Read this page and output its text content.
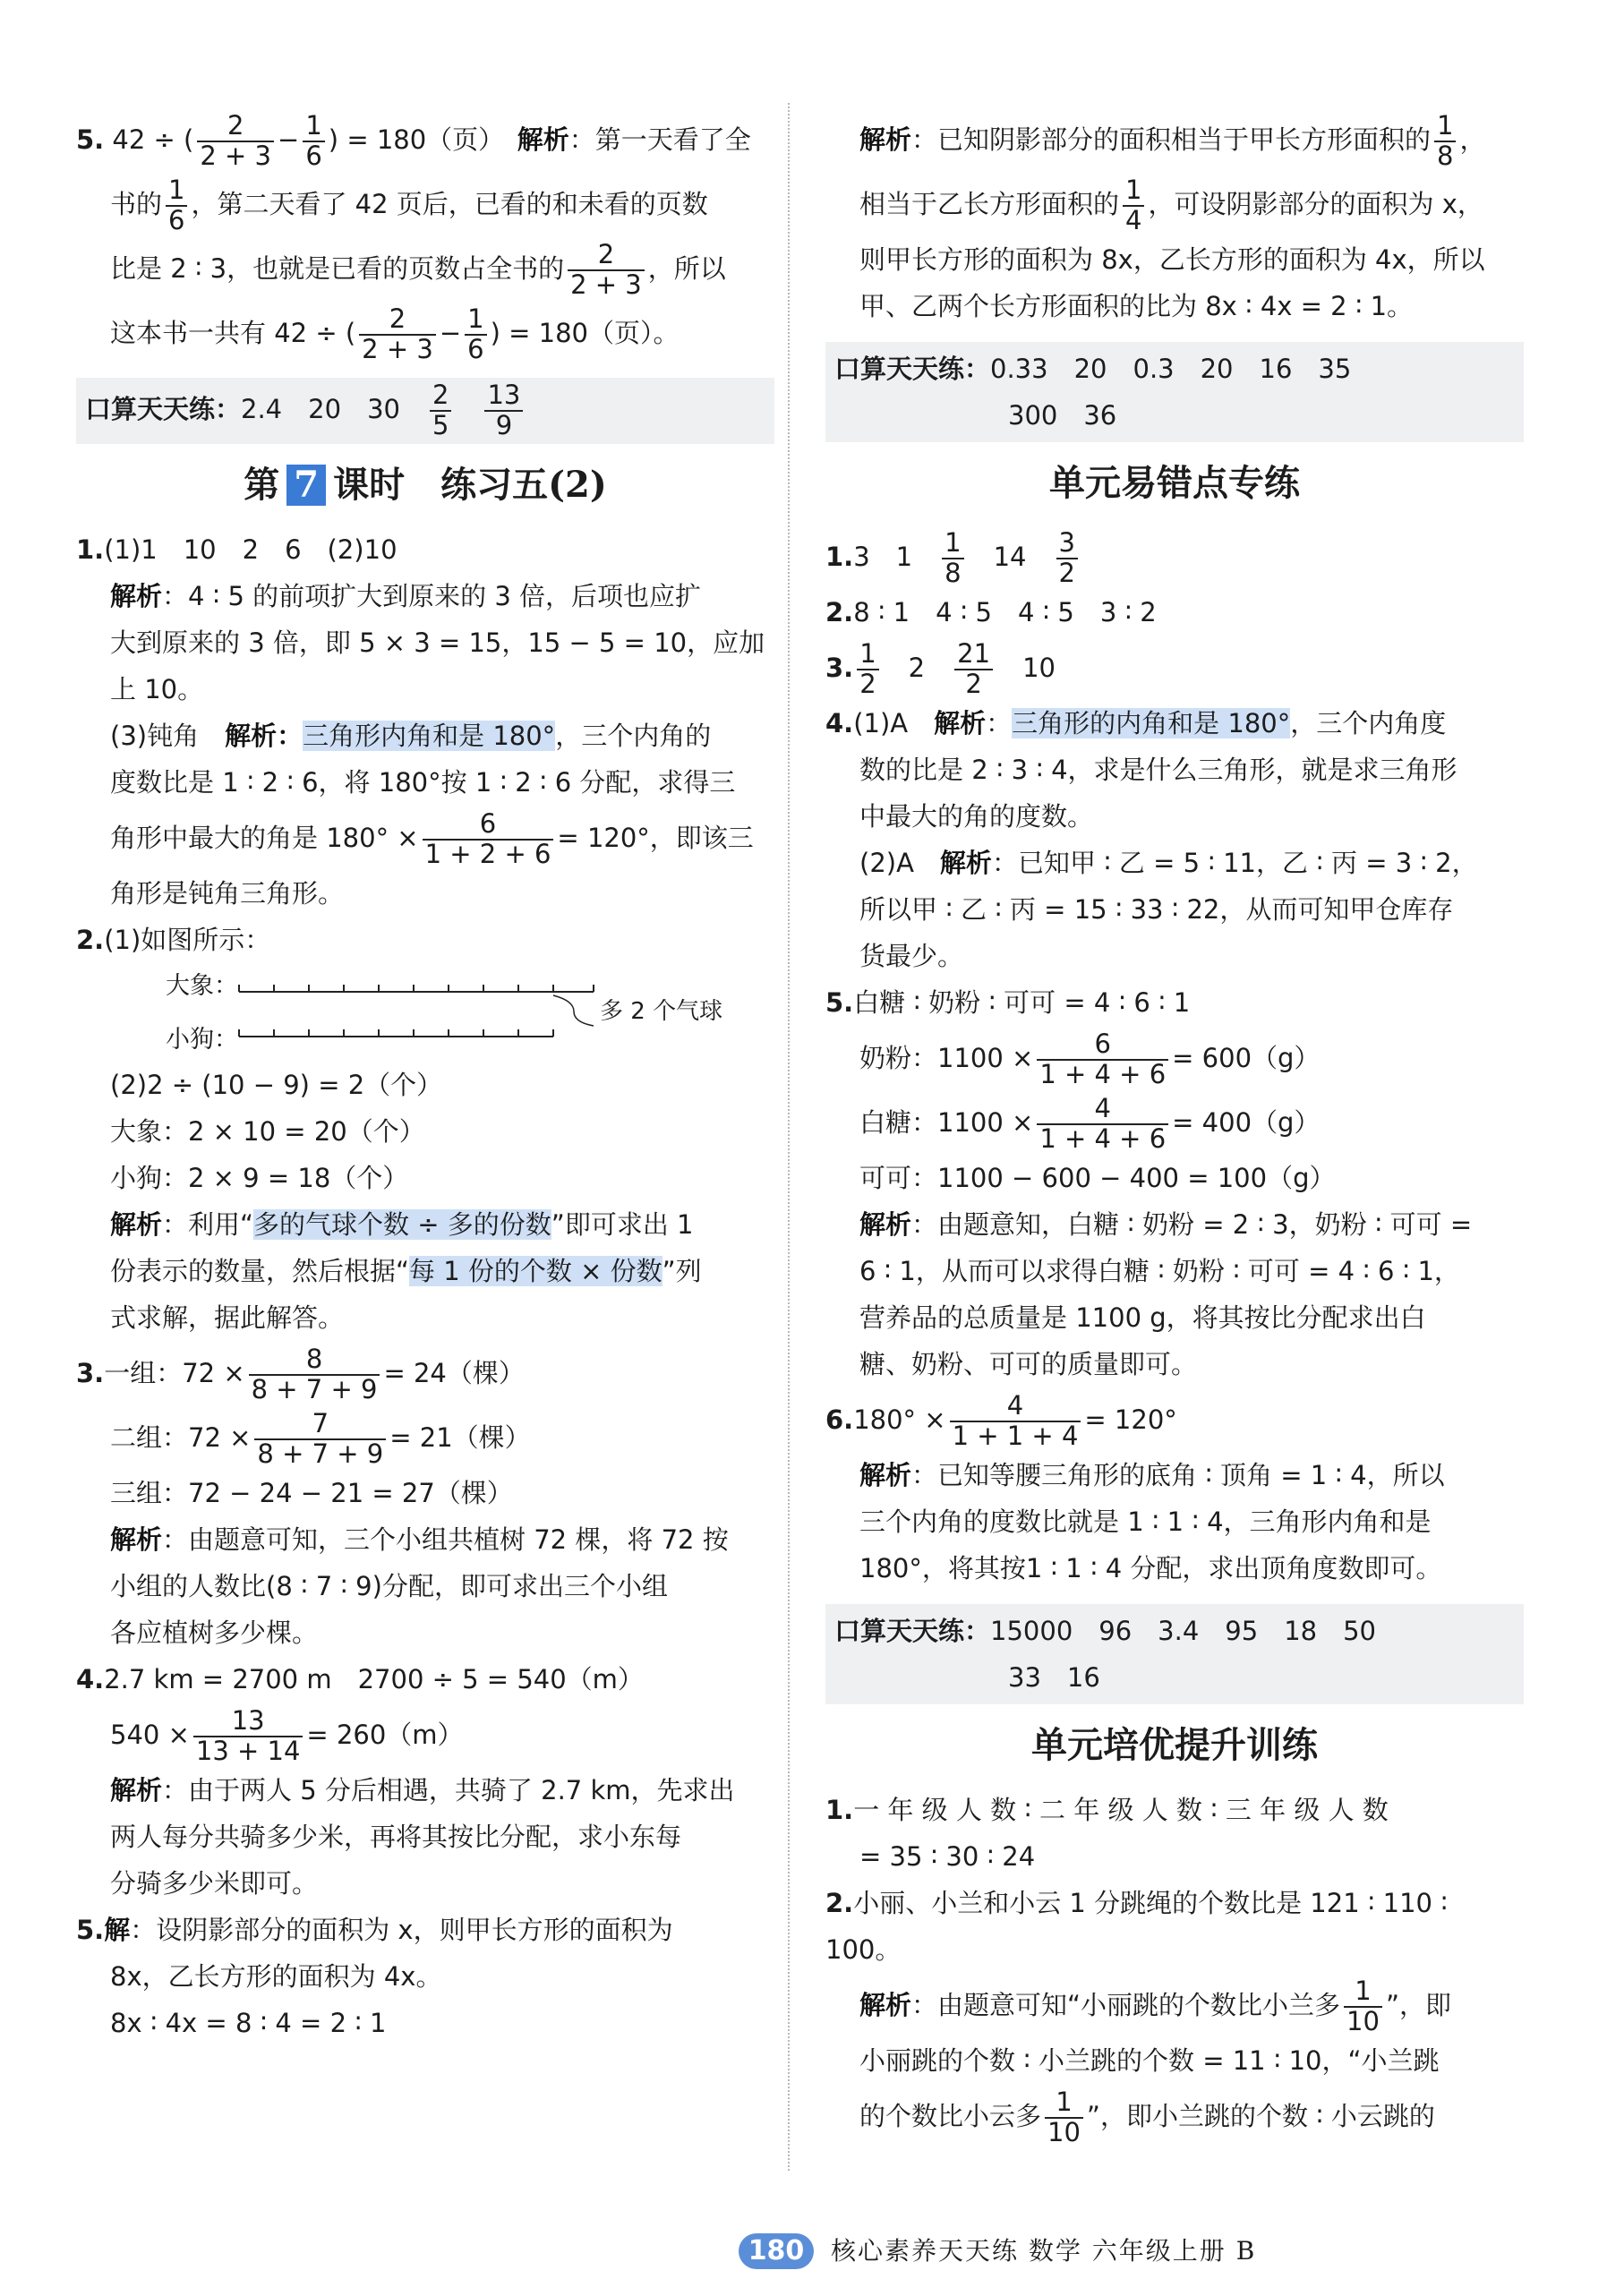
5. 42 ÷ ( $\frac{2}{2 + 3} - \frac{1}{6}$ ) = 180（页）　 解析：第一天看了全

书的 $\frac{1}{6}$ ，第二天看了 42 页后，已看的和未看的页数

比是 2 ∶ 3，也就是已看的页数占全书的 $\frac{2}{2 + 3}$ ，所以

这本书一共有 42 ÷ ( $\frac{2}{2 + 3} - \frac{1}{6}$ ) = 180（页）。

口算天天练：2.4　 20　 30　 $\frac{2}{5}$
　 $\frac{13}{9}$
第 7 课时　练习五(2)

1.(1)1　10　2　6　(2)10

解析：4 ∶ 5 的前项扩大到原来的 3 倍，后项也应扩

大到原来的 3 倍，即 5 × 3 = 15，15 − 5 = 10，应加

上 10。

(3)钝角　解析：三角形内角和是 180°，三个内角的

度数比是 1 ∶ 2 ∶ 6，将 180°按 1 ∶ 2 ∶ 6 分配，求得三

角形中最大的角是 $180^\circ \times \frac{6}{1 + 2 + 6} = 120^\circ$，即该三

角形是钝角三角形。

2.(1)如图所示：

大象：
小狗：
多 2 个气球

(2)2 ÷ (10 − 9) = 2（个）

大象：2 × 10 = 20（个）

小狗：2 × 9 = 18（个）

解析：利用“多的气球个数 ÷ 多的份数”即可求出 1

份表示的数量，然后根据“每 1 份的个数 × 份数”列

式求解，据此解答。

3.一组：$72 \times \frac{8}{8 + 7 + 9} = 24$（棵）

二组：$72 \times \frac{7}{8 + 7 + 9} = 21$（棵）

三组：72 − 24 − 21 = 27（棵）

解析：由题意可知，三个小组共植树 72 棵，将 72 按

小组的人数比(8 ∶ 7 ∶ 9)分配，即可求出三个小组

各应植树多少棵。

4.2.7 km = 2700 m　2700 ÷ 5 = 540（m）

$540 \times \frac{13}{13 + 14} = 260(m)$

解析：由于两人 5 分后相遇，共骑了 2.7 km，先求出

两人每分共骑多少米，再将其按比分配，求小东每

分骑多少米即可。

5.解：设阴影部分的面积为 x，则甲长方形的面积为

8x，乙长方形的面积为 4x。

8x ∶ 4x = 8 ∶ 4 = 2 ∶ 1

解析：已知阴影部分的面积相当于甲长方形面积的 $\frac{1}{8}$ ，

相当于乙长方形面积的 $\frac{1}{4}$ ，可设阴影部分的面积为 x，

则甲长方形的面积为 8x，乙长方形的面积为 4x，所以

甲、乙两个长方形面积的比为 8x ∶ 4x = 2 ∶ 1。

口算天天练：0.33　20　0.3　20　16　35

300　36

单元易错点专练

1.3　1　 $\frac{1}{8}$
　 14　 $\frac{3}{2}$

2.8 ∶ 1　4 ∶ 5　4 ∶ 5　3 ∶ 2

3. $\frac{1}{2}$
　 2　 $\frac{21}{2}$
　 10

4.(1)A　解析：三角形的内角和是 180°，三个内角度

数的比是 2 ∶ 3 ∶ 4，求是什么三角形，就是求三角形

中最大的角的度数。

(2)A　解析：已知甲 ∶ 乙 = 5 ∶ 11，乙 ∶ 丙 = 3 ∶ 2，

所以甲 ∶ 乙 ∶ 丙 = 15 ∶ 33 ∶ 22，从而可知甲仓库存

货最少。

5.白糖 ∶ 奶粉 ∶ 可可 = 4 ∶ 6 ∶ 1

奶粉：$1100 \times \frac{6}{1 + 4 + 6} = 600(g)$

白糖：$1100 \times \frac{4}{1 + 4 + 6} = 400(g)$

可可：1100 − 600 − 400 = 100（g）

解析：由题意知，白糖 ∶ 奶粉 = 2 ∶ 3，奶粉 ∶ 可可 =

6 ∶ 1，从而可以求得白糖 ∶ 奶粉 ∶ 可可 = 4 ∶ 6 ∶ 1，

营养品的总质量是 1100 g，将其按比分配求出白

糖、奶粉、可可的质量即可。

$6.180^\circ \times \frac{4}{1 + 1 + 4} = 120^\circ$

解析：已知等腰三角形的底角 ∶ 顶角 = 1 ∶ 4，所以

三个内角的度数比就是 1 ∶ 1 ∶ 4，三角形内角和是

180°，将其按1 ∶ 1 ∶ 4 分配，求出顶角度数即可。

口算天天练：15000　96　3.4　95　18　50

33　16

单元培优提升训练

1.一 年 级 人 数 ∶ 二 年 级 人 数 ∶ 三 年 级 人 数

= 35 ∶ 30 ∶ 24

2.小丽、小兰和小云 1 分跳绳的个数比是 121 ∶ 110 ∶ 100。

解析：由题意可知“小丽跳的个数比小兰多 $\frac{1}{10}$ ”，即

小丽跳的个数 ∶ 小兰跳的个数 = 11 ∶ 10，“小兰跳

的个数比小云多 $\frac{1}{10}$ ”，即小兰跳的个数 ∶ 小云跳的

180	核心素养天天练 数学 六年级上册 B
